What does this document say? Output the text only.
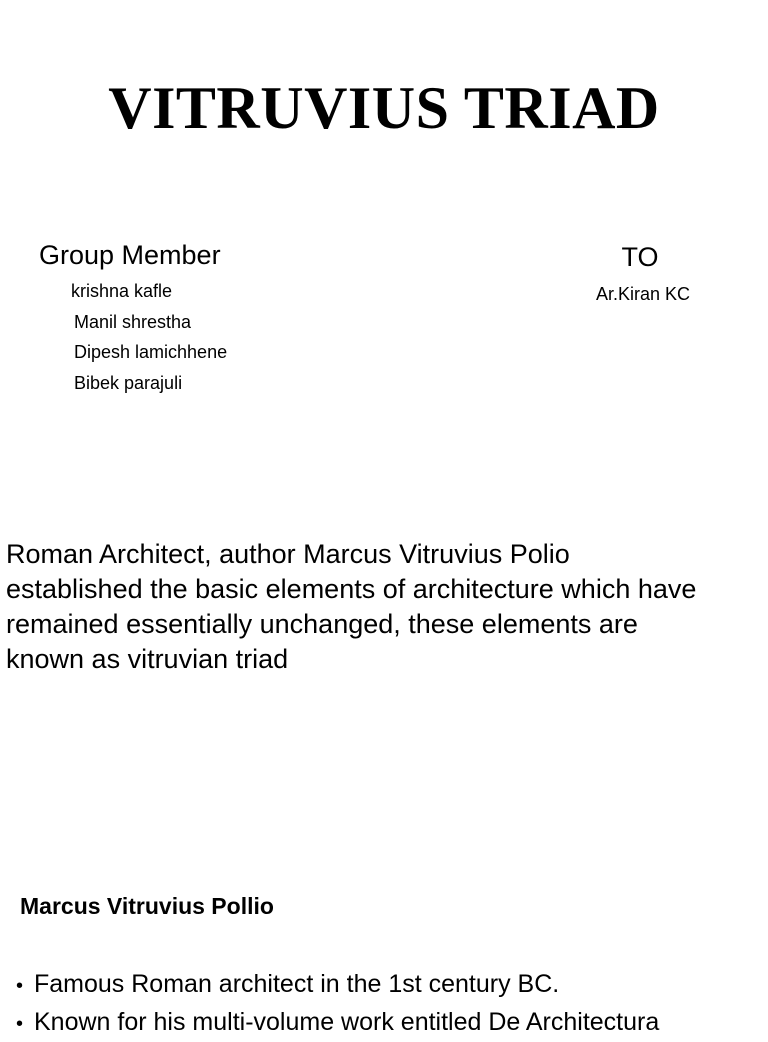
VITRUVIUS TRIAD
Group Member
krishna kafle
Manil shrestha
Dipesh lamichhene
Bibek parajuli
TO
Ar.Kiran KC
Roman Architect, author Marcus Vitruvius Polio
established the basic elements of architecture which have
remained essentially unchanged, these elements are
known as vitruvian triad
Marcus Vitruvius Pollio
• Famous Roman architect in the 1st century BC.
• Known for his multi-volume work entitled De Architectura
